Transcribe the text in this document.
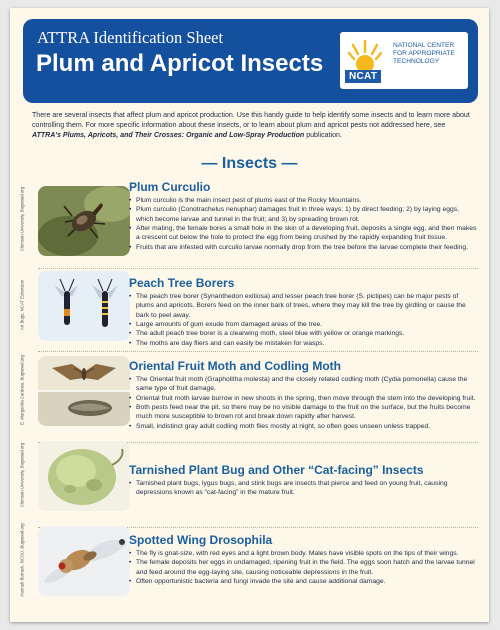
ATTRA Identification Sheet
Plum and Apricot Insects	NCAT
NATIONAL CENTER
FOR APPROPRIATE
TECHNOLOGY
There are several insects that affect plum and apricot production. Use this handy guide to help identify some insects and to learn more about controlling them. For more specific information about these insects, or to learn about plum and apricot pests not addressed here, see ATTRA's Plums, Apricots, and Their Crosses: Organic and Low-Spray Production publication.
— Insects —
Clemson University, Bugwood.org	Plum Curculio
• Plum curculio is the main insect pest of plums east of the Rocky Mountains.
• Plum curculio (Conotrachelus nenuphar) damages fruit in three ways: 1) by direct feeding; 2) by laying eggs, which become larvae and tunnel in the fruit; and 3) by spreading brown rot.
• After mating, the female bores a small hole in the skin of a developing fruit, deposits a single egg, and then makes a crescent cut below the hole to protect the egg from being crushed by the rapidly expanding fruit tissue.
• Fruits that are infested with curculio larvae normally drop from the tree before the larvae complete their feeding.
Art Bugs, NCAT Extension	Peach Tree Borers
• The peach tree borer (Synanthedon exitiosa) and lesser peach tree borer (S. pictipes) can be major pests of plums and apricots. Borers feed on the inner bark of trees, where they may kill the tree by girdling or cause the bark to peel away.
• Large amounts of gum exude from damaged areas of the tree.
• The adult peach tree borer is a clearwing moth, steel blue with yellow or orange markings.
• The moths are day fliers and can easily be mistaken for wasps.
E. Margarida Cardoso, Bugwood.org	Oriental Fruit Moth and Codling Moth
• The Oriental fruit moth (Grapholitha molesta) and the closely related codling moth (Cydia pomonella) cause the same type of fruit damage.
• Oriental fruit moth larvae burrow in new shoots in the spring, then move through the stem into the developing fruit.
• Both pests feed near the pit, so there may be no visible damage to the fruit on the surface, but the fruits become much more susceptible to brown rot and break down rapidly after harvest.
• Small, indistinct gray adult codling moth flies mostly at night, so often goes unseen unless trapped.
Clemson University, Bugwood.org	Tarnished Plant Bug and Other “Cat-facing” Insects
• Tarnished plant bugs, lygus bugs, and stink bugs are insects that pierce and feed on young fruit, causing depressions known as “cat-facing” in the mature fruit.
Hannah Burrack, NCSU, Bugwood.org	Spotted Wing Drosophila
• The fly is gnat-size, with red eyes and a light brown body. Males have visible spots on the tips of their wings.
• The female deposits her eggs in undamaged, ripening fruit in the field. The eggs soon hatch and the larvae tunnel and feed around the egg-laying site, causing noticeable depressions in the fruit.
• Often opportunistic bacteria and fungi invade the site and cause additional damage.
